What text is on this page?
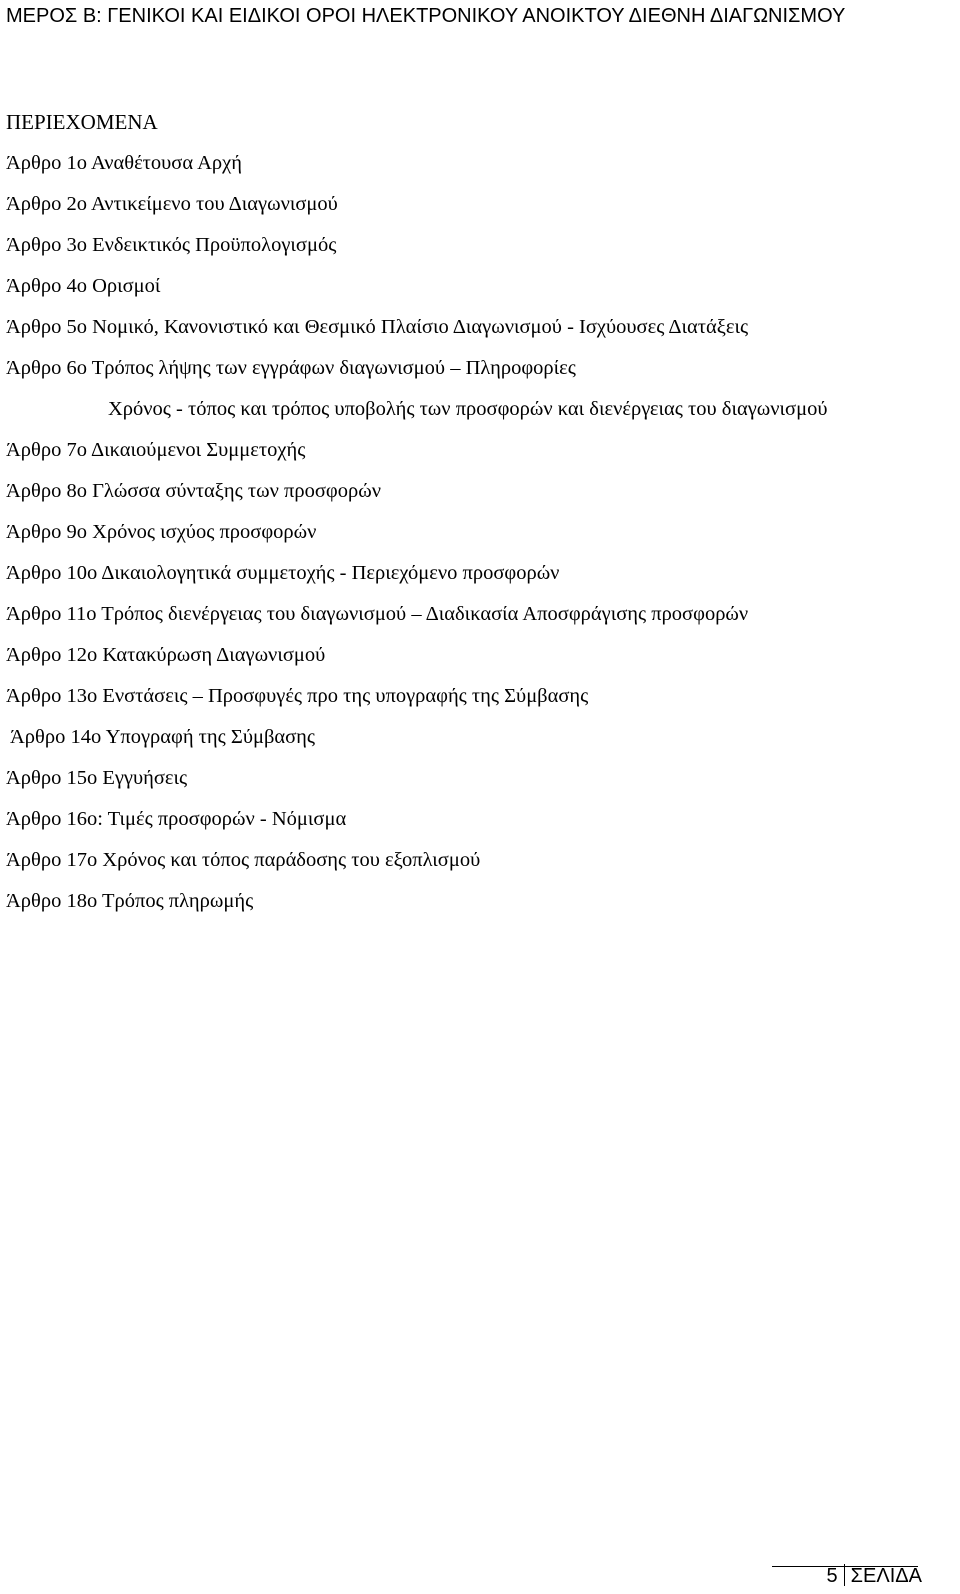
ΜΕΡΟΣ Β: ΓΕΝΙΚΟΙ ΚΑΙ ΕΙΔΙΚΟΙ ΟΡΟΙ ΗΛΕΚΤΡΟΝΙΚΟΥ ΑΝΟΙΚΤΟΥ ΔΙΕΘΝΗ ΔΙΑΓΩΝΙΣΜΟΥ
ΠΕΡΙΕΧΟΜΕΝΑ
Άρθρο 1ο Αναθέτουσα Αρχή
Άρθρο 2ο Αντικείμενο του Διαγωνισμού
Άρθρο 3ο Ενδεικτικός Προϋπολογισμός
Άρθρο 4ο Ορισμοί
Άρθρο 5ο Νομικό, Κανονιστικό και Θεσμικό Πλαίσιο Διαγωνισμού - Ισχύουσες Διατάξεις
Άρθρο 6ο Τρόπος λήψης των εγγράφων διαγωνισμού – Πληροφορίες
Χρόνος - τόπος και τρόπος υποβολής των προσφορών και διενέργειας του διαγωνισμού
Άρθρο 7ο Δικαιούμενοι Συμμετοχής
Άρθρο 8ο Γλώσσα σύνταξης των προσφορών
Άρθρο 9ο Χρόνος ισχύος προσφορών
Άρθρο 10ο Δικαιολογητικά συμμετοχής - Περιεχόμενο προσφορών
Άρθρο 11ο Τρόπος διενέργειας του διαγωνισμού – Διαδικασία Αποσφράγισης προσφορών
Άρθρο 12ο Κατακύρωση Διαγωνισμού
Άρθρο 13ο Ενστάσεις – Προσφυγές προ της υπογραφής της Σύμβασης
Άρθρο 14ο Υπογραφή της Σύμβασης
Άρθρο 15ο Εγγυήσεις
Άρθρο 16ο: Τιμές προσφορών - Νόμισμα
Άρθρο 17ο Χρόνος και τόπος παράδοσης του εξοπλισμού
Άρθρο 18ο Τρόπος πληρωμής
5 ΣΕΛΙΔΑ
